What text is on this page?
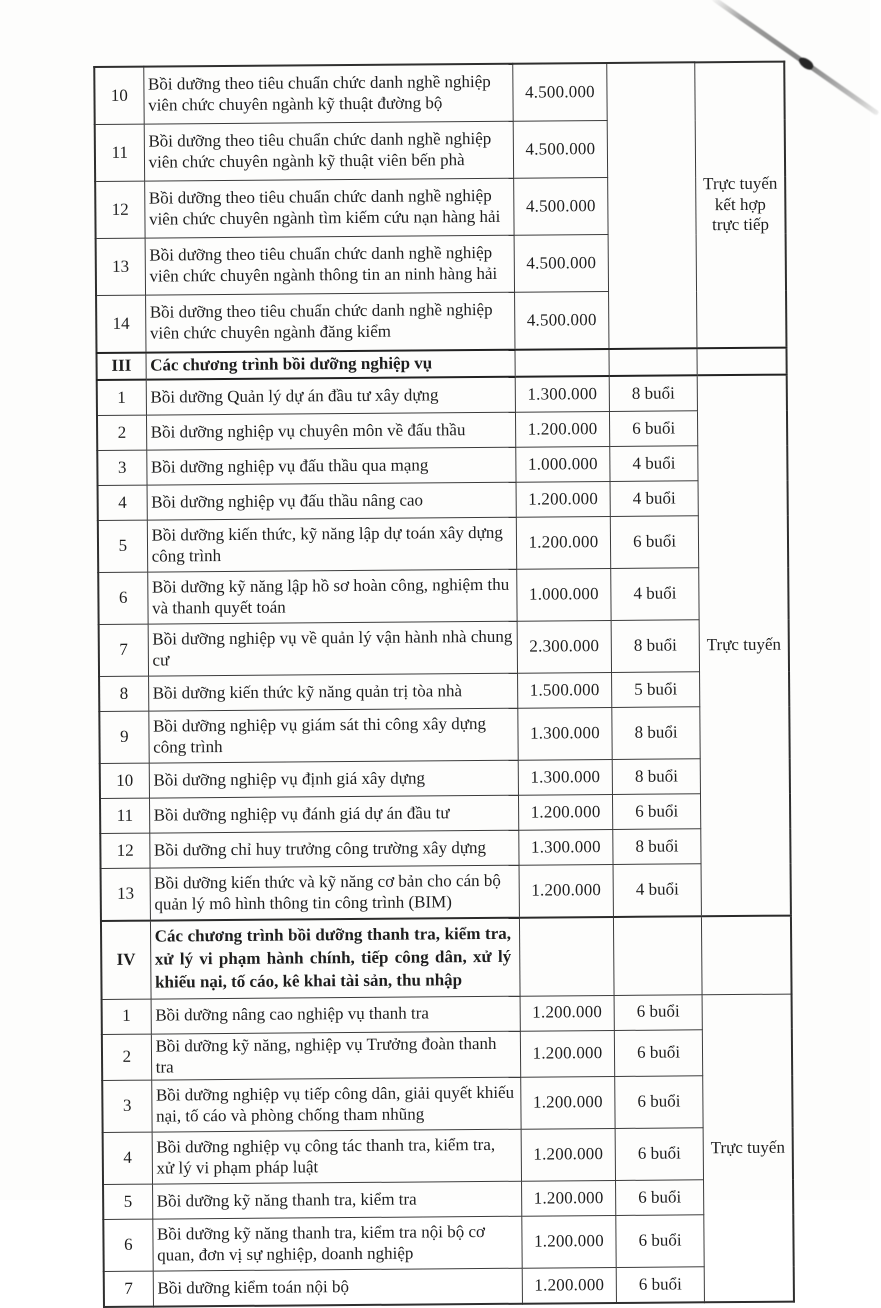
10	Bồi dưỡng theo tiêu chuẩn chức danh nghề nghiệp viên chức chuyên ngành kỹ thuật đường bộ	4.500.000		Trực tuyến kết hợp trực tiếp
11	Bồi dưỡng theo tiêu chuẩn chức danh nghề nghiệp viên chức chuyên ngành kỹ thuật viên bến phà	4.500.000		
12	Bồi dưỡng theo tiêu chuẩn chức danh nghề nghiệp viên chức chuyên ngành tìm kiếm cứu nạn hàng hải	4.500.000		
13	Bồi dưỡng theo tiêu chuẩn chức danh nghề nghiệp viên chức chuyên ngành thông tin an ninh hàng hải	4.500.000		
14	Bồi dưỡng theo tiêu chuẩn chức danh nghề nghiệp viên chức chuyên ngành đăng kiểm	4.500.000		
III	Các chương trình bồi dưỡng nghiệp vụ			
1	Bồi dưỡng Quản lý dự án đầu tư xây dựng	1.300.000	8 buổi	Trực tuyến
2	Bồi dưỡng nghiệp vụ chuyên môn về đấu thầu	1.200.000	6 buổi	
3	Bồi dưỡng nghiệp vụ đấu thầu qua mạng	1.000.000	4 buổi	
4	Bồi dưỡng nghiệp vụ đấu thầu nâng cao	1.200.000	4 buổi	
5	Bồi dưỡng kiến thức, kỹ năng lập dự toán xây dựng công trình	1.200.000	6 buổi	
6	Bồi dưỡng kỹ năng lập hồ sơ hoàn công, nghiệm thu và thanh quyết toán	1.000.000	4 buổi	
7	Bồi dưỡng nghiệp vụ về quản lý vận hành nhà chung cư	2.300.000	8 buổi	
8	Bồi dưỡng kiến thức kỹ năng quản trị tòa nhà	1.500.000	5 buổi	
9	Bồi dưỡng nghiệp vụ giám sát thi công xây dựng công trình	1.300.000	8 buổi	
10	Bồi dưỡng nghiệp vụ định giá xây dựng	1.300.000	8 buổi	
11	Bồi dưỡng nghiệp vụ đánh giá dự án đầu tư	1.200.000	6 buổi	
12	Bồi dưỡng chỉ huy trưởng công trường xây dựng	1.300.000	8 buổi	
13	Bồi dưỡng kiến thức và kỹ năng cơ bản cho cán bộ quản lý mô hình thông tin công trình (BIM)	1.200.000	4 buổi	
IV	Các chương trình bồi dưỡng thanh tra, kiểm tra, xử lý vi phạm hành chính, tiếp công dân, xử lý khiếu nại, tố cáo, kê khai tài sản, thu nhập			
1	Bồi dưỡng nâng cao nghiệp vụ thanh tra	1.200.000	6 buổi	Trực tuyến
2	Bồi dưỡng kỹ năng, nghiệp vụ Trưởng đoàn thanh tra	1.200.000	6 buổi	
3	Bồi dưỡng nghiệp vụ tiếp công dân, giải quyết khiếu nại, tố cáo và phòng chống tham nhũng	1.200.000	6 buổi	
4	Bồi dưỡng nghiệp vụ công tác thanh tra, kiểm tra, xử lý vi phạm pháp luật	1.200.000	6 buổi	
5	Bồi dưỡng kỹ năng thanh tra, kiểm tra	1.200.000	6 buổi	
6	Bồi dưỡng kỹ năng thanh tra, kiểm tra nội bộ cơ quan, đơn vị sự nghiệp, doanh nghiệp	1.200.000	6 buổi	
7	Bồi dưỡng kiểm toán nội bộ	1.200.000	6 buổi	
